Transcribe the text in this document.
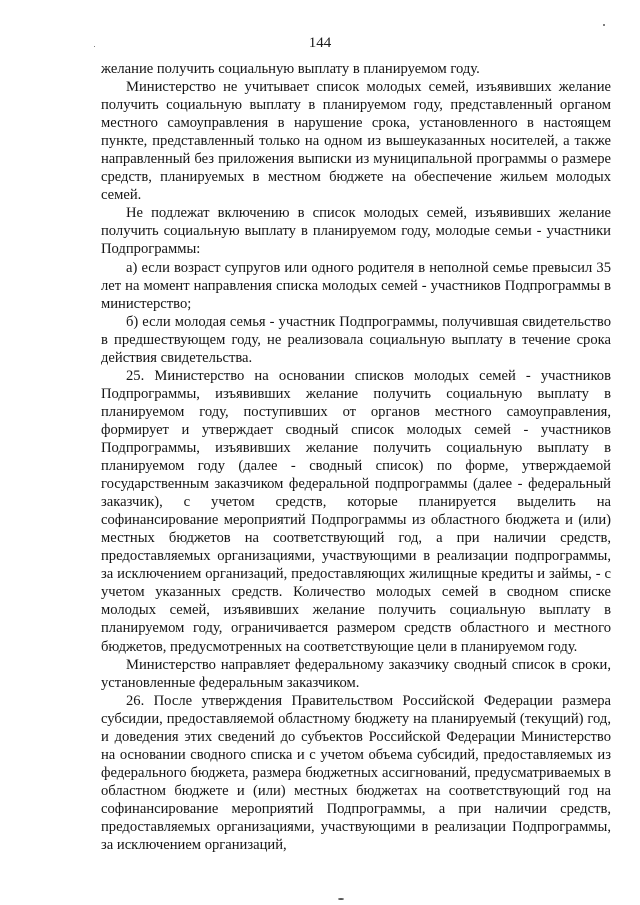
144

желание получить социальную выплату в планируемом году.

Министерство не учитывает список молодых семей, изъявивших желание получить социальную выплату в планируемом году, представленный органом местного самоуправления в нарушение срока, установленного в настоящем пункте, представленный только на одном из вышеуказанных носителей, а также направленный без приложения выписки из муниципальной программы о размере средств, планируемых в местном бюджете на обеспечение жильем молодых семей.

Не подлежат включению в список молодых семей, изъявивших желание получить социальную выплату в планируемом году, молодые семьи - участники Подпрограммы:

а) если возраст супругов или одного родителя в неполной семье превысил 35 лет на момент направления списка молодых семей - участников Подпрограммы в министерство;

б) если молодая семья - участник Подпрограммы, получившая свидетельство в предшествующем году, не реализовала социальную выплату в течение срока действия свидетельства.

25. Министерство на основании списков молодых семей - участников Подпрограммы, изъявивших желание получить социальную выплату в планируемом году, поступивших от органов местного самоуправления, формирует и утверждает сводный список молодых семей - участников Подпрограммы, изъявивших желание получить социальную выплату в планируемом году (далее - сводный список) по форме, утверждаемой государственным заказчиком федеральной подпрограммы (далее - федеральный заказчик), с учетом средств, которые планируется выделить на софинансирование мероприятий Подпрограммы из областного бюджета и (или) местных бюджетов на соответствующий год, а при наличии средств, предоставляемых организациями, участвующими в реализации подпрограммы, за исключением организаций, предоставляющих жилищные кредиты и займы, - с учетом указанных средств. Количество молодых семей в сводном списке молодых семей, изъявивших желание получить социальную выплату в планируемом году, ограничивается размером средств областного и местного бюджетов, предусмотренных на соответствующие цели в планируемом году.

Министерство направляет федеральному заказчику сводный список в сроки, установленные федеральным заказчиком.

26. После утверждения Правительством Российской Федерации размера субсидии, предоставляемой областному бюджету на планируемый (текущий) год, и доведения этих сведений до субъектов Российской Федерации Министерство на основании сводного списка и с учетом объема субсидий, предоставляемых из федерального бюджета, размера бюджетных ассигнований, предусматриваемых в областном бюджете и (или) местных бюджетах на соответствующий год на софинансирование мероприятий Подпрограммы, а при наличии средств, предоставляемых организациями, участвующими в реализации Подпрограммы, за исключением организаций,
